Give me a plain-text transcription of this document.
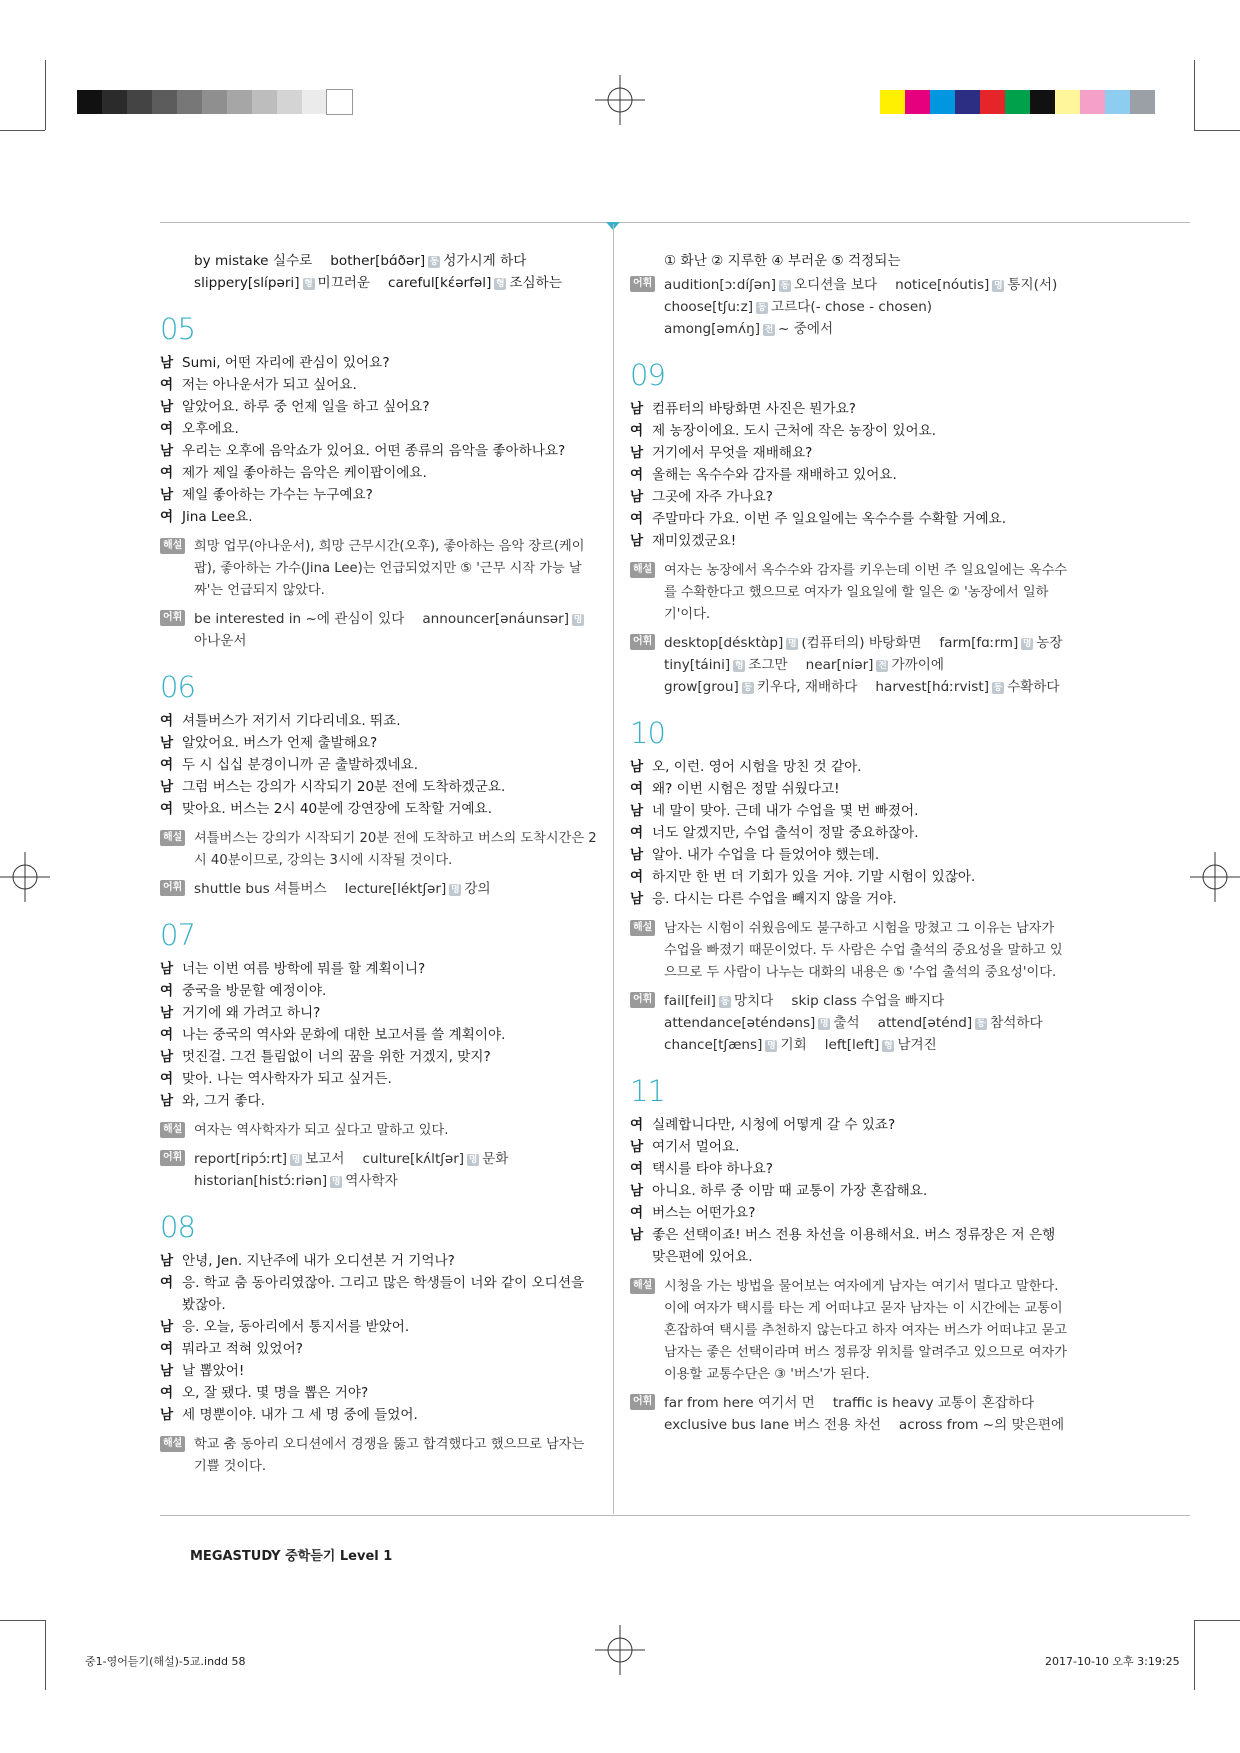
by mistake 실수로 bother[bɑ́ðər] 동 성가시게 하다
slippery[slípəri] 형 미끄러운 careful[kɛ́ərfəl] 형 조심하는
05
남 Sumi, 어떤 자리에 관심이 있어요?
여 저는 아나운서가 되고 싶어요.
남 알았어요. 하루 중 언제 일을 하고 싶어요?
여 오후에요.
남 우리는 오후에 음악쇼가 있어요. 어떤 종류의 음악을 좋아하나요?
여 제가 제일 좋아하는 음악은 케이팝이에요.
남 제일 좋아하는 가수는 누구예요?
여 Jina Lee요.
해설 희망 업무(아나운서), 희망 근무시간(오후), 좋아하는 음악 장르(케이팝), 좋아하는 가수(Jina Lee)는 언급되었지만 ⑤ '근무 시작 가능 날짜'는 언급되지 않았다.
어휘 be interested in ~에 관심이 있다 announcer[ənáunsər] 명아나운서
06
여 셔틀버스가 저기서 기다리네요. 뛰죠.
남 알았어요. 버스가 언제 출발해요?
여 두 시 십십 분경이니까 곧 출발하겠네요.
남 그럼 버스는 강의가 시작되기 20분 전에 도착하겠군요.
여 맞아요. 버스는 2시 40분에 강연장에 도착할 거예요.
해설 셔틀버스는 강의가 시작되기 20분 전에 도착하고 버스의 도착시간은 2시 40분이므로, 강의는 3시에 시작될 것이다.
어휘 shuttle bus 셔틀버스 lecture[léktʃər] 명 강의
07
남 너는 이번 여름 방학에 뭐를 할 계획이니?
여 중국을 방문할 예정이야.
남 거기에 왜 가려고 하니?
여 나는 중국의 역사와 문화에 대한 보고서를 쓸 계획이야.
남 멋진걸. 그건 틀림없이 너의 꿈을 위한 거겠지, 맞지?
여 맞아. 나는 역사학자가 되고 싶거든.
남 와, 그거 좋다.
해설 여자는 역사학자가 되고 싶다고 말하고 있다.
어휘 report[ripɔ́ːrt] 명 보고서 culture[kʌ́ltʃər] 명 문화
historian[histɔ́ːriən] 명 역사학자
08
남 안녕, Jen. 지난주에 내가 오디션본 거 기억나?
여 응. 학교 춤 동아리였잖아. 그리고 많은 학생들이 너와 같이 오디션을 봤잖아.
남 응. 오늘, 동아리에서 통지서를 받았어.
여 뭐라고 적혀 있었어?
남 날 뽑았어!
여 오, 잘 됐다. 몇 명을 뽑은 거야?
남 세 명뿐이야. 내가 그 세 명 중에 들었어.
해설 학교 춤 동아리 오디션에서 경쟁을 뚫고 합격했다고 했으므로 남자는 기쁠 것이다.
① 화난 ② 지루한 ④ 부러운 ⑤ 걱정되는
어휘 audition[ɔːdíʃən] 동 오디션을 보다 notice[nóutis] 명 통지(서)
choose[tʃuːz] 동 고르다(- chose - chosen)
among[əmʌ́ŋ] 전 ~ 중에서
09
남 컴퓨터의 바탕화면 사진은 뭔가요?
여 제 농장이에요. 도시 근처에 작은 농장이 있어요.
남 거기에서 무엇을 재배해요?
여 올해는 옥수수와 감자를 재배하고 있어요.
남 그곳에 자주 가나요?
여 주말마다 가요. 이번 주 일요일에는 옥수수를 수확할 거예요.
남 재미있겠군요!
해설 여자는 농장에서 옥수수와 감자를 키우는데 이번 주 일요일에는 옥수수를 수확한다고 했으므로 여자가 일요일에 할 일은 ② '농장에서 일하기'이다.
어휘 desktop[désktɑ̀p] 명 (컴퓨터의) 바탕화면 farm[fɑːrm] 명 농장
tiny[táini] 형 조그만 near[niər] 전 가까이에
grow[grou] 동 키우다, 재배하다 harvest[hɑ́ːrvist] 동 수확하다
10
남 오, 이런. 영어 시험을 망친 것 같아.
여 왜? 이번 시험은 정말 쉬웠다고!
남 네 말이 맞아. 근데 내가 수업을 몇 번 빠졌어.
여 너도 알겠지만, 수업 출석이 정말 중요하잖아.
남 알아. 내가 수업을 다 들었어야 했는데.
여 하지만 한 번 더 기회가 있을 거야. 기말 시험이 있잖아.
남 응. 다시는 다른 수업을 빼지지 않을 거야.
해설 남자는 시험이 쉬웠음에도 불구하고 시험을 망쳤고 그 이유는 남자가 수업을 빠졌기 때문이었다. 두 사람은 수업 출석의 중요성을 말하고 있으므로 두 사람이 나누는 대화의 내용은 ⑤ '수업 출석의 중요성'이다.
어휘 fail[feil] 동 망치다 skip class 수업을 빠지다
attendance[əténdəns] 명 출석 attend[əténd] 동 참석하다
chance[tʃæns] 명 기회 left[left] 형 남겨진
11
여 실례합니다만, 시청에 어떻게 갈 수 있죠?
남 여기서 멀어요.
여 택시를 타야 하나요?
남 아니요. 하루 중 이맘 때 교통이 가장 혼잡해요.
여 버스는 어떤가요?
남 좋은 선택이죠! 버스 전용 차선을 이용해서요. 버스 정류장은 저 은행 맞은편에 있어요.
해설 시청을 가는 방법을 물어보는 여자에게 남자는 여기서 멀다고 말한다. 이에 여자가 택시를 타는 게 어떠냐고 묻자 남자는 이 시간에는 교통이 혼잡하여 택시를 추천하지 않는다고 하자 여자는 버스가 어떠냐고 묻고 남자는 좋은 선택이라며 버스 정류장 위치를 알려주고 있으므로 여자가 이용할 교통수단은 ③ '버스'가 된다.
어휘 far from here 여기서 먼 traffic is heavy 교통이 혼잡하다
exclusive bus lane 버스 전용 차선 across from ~의 맞은편에
MEGASTUDY 중학듣기 Level 1
중1-영어듣기(해설)-5교.indd 58	2017-10-10 오후 3:19:25
